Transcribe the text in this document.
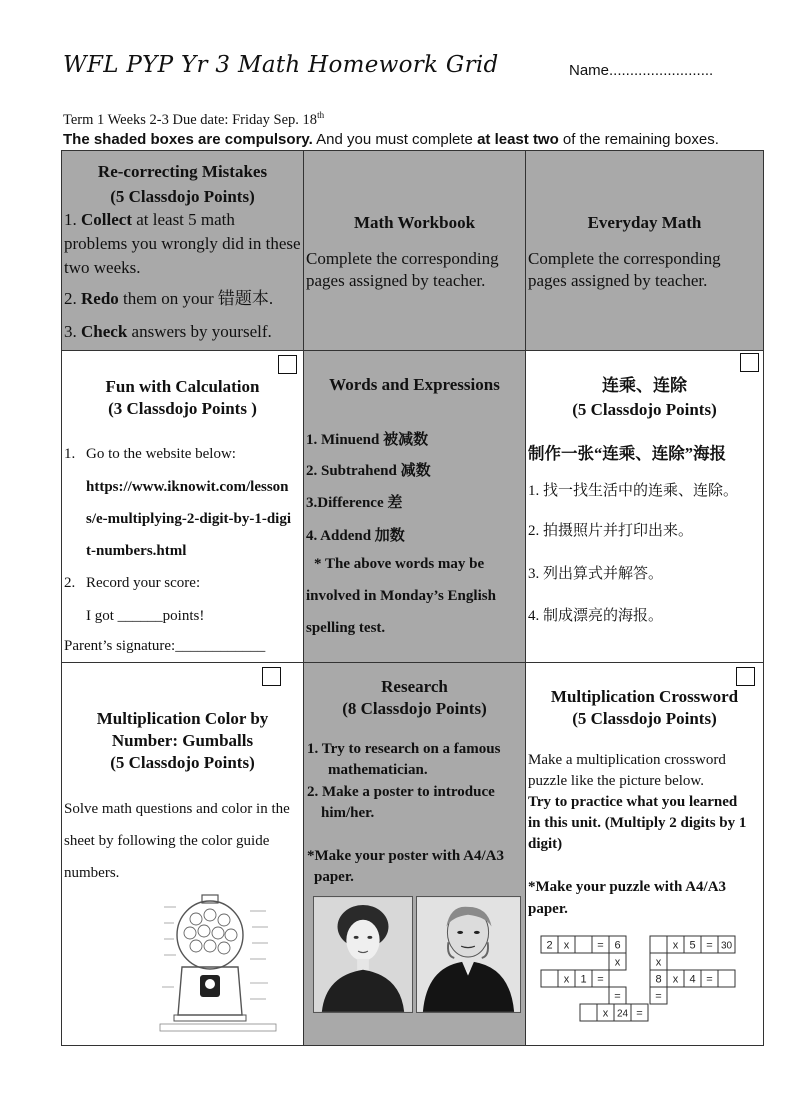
WFL PYP Yr 3 Math Homework Grid	Name.........................
Term 1 Weeks 2-3 Due date: Friday Sep. 18th
The shaded boxes are compulsory. And you must complete at least two of the remaining boxes.
Re-correcting Mistakes
(5 Classdojo Points)
1. Collect at least 5 math problems you wrongly did in these two weeks.
2. Redo them on your 错题本.
3. Check answers by yourself.
Math Workbook
Complete the corresponding pages assigned by teacher.
Everyday Math
Complete the corresponding pages assigned by teacher.
Fun with Calculation
(3 Classdojo Points )
1. Go to the website below:
https://www.iknowit.com/lesson
s/e-multiplying-2-digit-by-1-digi
t-numbers.html
2. Record your score:
I got ______points!
Parent’s signature:____________
Words and Expressions
1. Minuend 被减数
2. Subtrahend 减数
3.Difference 差
4. Addend 加数
* The above words may be
involved in Monday’s English
spelling test.
连乘、连除
(5 Classdojo Points)
制作一张“连乘、连除”海报
1. 找一找生活中的连乘、连除。
2. 拍摄照片并打印出来。
3. 列出算式并解答。
4. 制成漂亮的海报。
Multiplication Color by
Number: Gumballs
(5 Classdojo Points)
Solve math questions and color in the
sheet by following the color guide
numbers.
Research
(8 Classdojo Points)
1. Try to research on a famous
mathematician.
2. Make a poster to introduce
him/her.
*Make your poster with A4/A3
paper.
Multiplication Crossword
(5 Classdojo Points)
Make a multiplication crossword
puzzle like the picture below.
Try to practice what you learned
in this unit. (Multiply 2 digits by 1
digit)
*Make your puzzle with A4/A3
paper.
2 x	= 6	x 5 = 30
x	x
x 1 =	8 x 4 =
=	=
x 24 =
